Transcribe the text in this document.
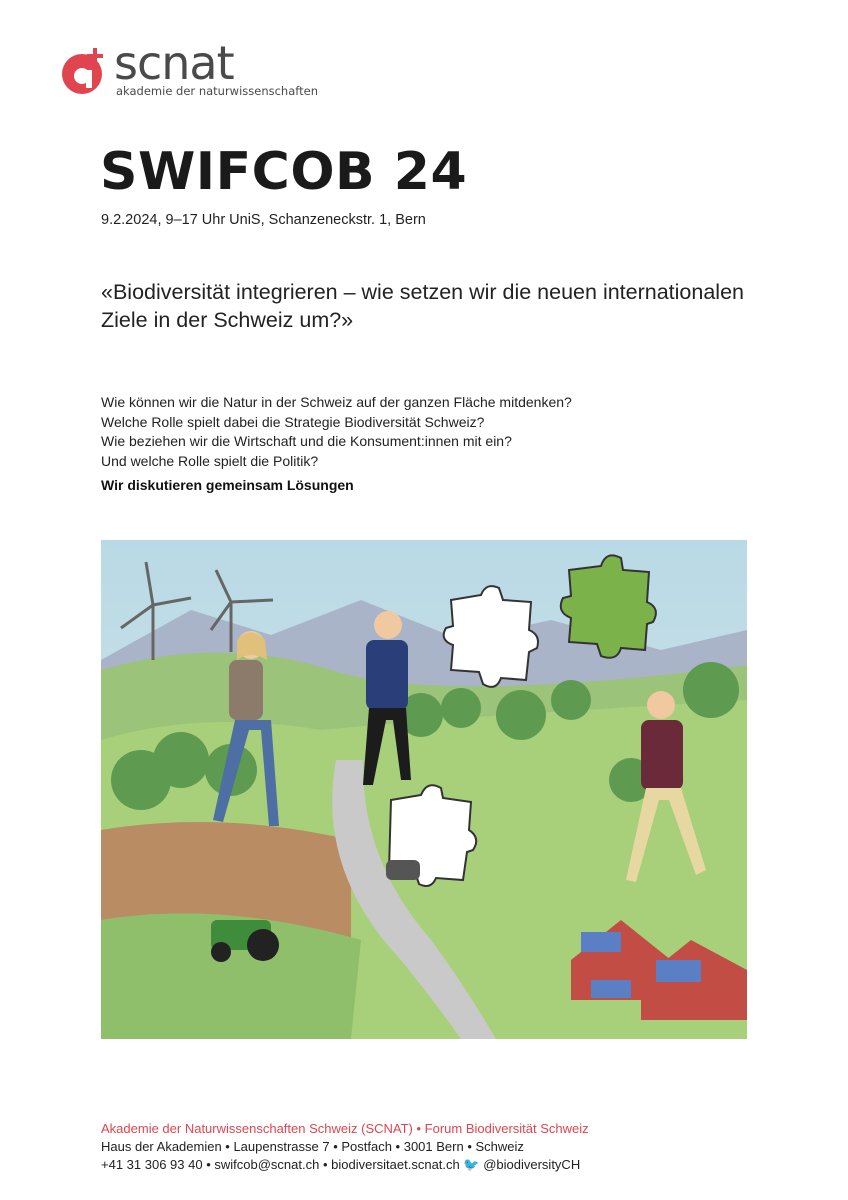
scnat
akademie der naturwissenschaften
SWIFCOB 24
9.2.2024, 9–17 Uhr UniS, Schanzeneckstr. 1, Bern
«Biodiversität integrieren – wie setzen wir die neuen internationalen Ziele in der Schweiz um?»
Wie können wir die Natur in der Schweiz auf der ganzen Fläche mitdenken?
Welche Rolle spielt dabei die Strategie Biodiversität Schweiz?
Wie beziehen wir die Wirtschaft und die Konsument:innen mit ein?
Und welche Rolle spielt die Politik?
Wir diskutieren gemeinsam Lösungen
Akademie der Naturwissenschaften Schweiz (SCNAT) • Forum Biodiversität Schweiz
Haus der Akademien • Laupenstrasse 7 • Postfach • 3001 Bern • Schweiz
+41 31 306 93 40 • swifcob@scnat.ch • biodiversitaet.scnat.ch 🐦 @biodiversityCH
